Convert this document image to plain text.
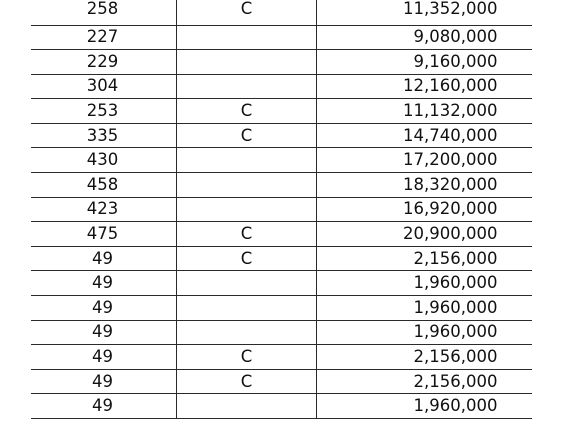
258	C	11,352,000
227		9,080,000
229		9,160,000
304		12,160,000
253	C	11,132,000
335	C	14,740,000
430		17,200,000
458		18,320,000
423		16,920,000
475	C	20,900,000
49	C	2,156,000
49		1,960,000
49		1,960,000
49		1,960,000
49	C	2,156,000
49	C	2,156,000
49		1,960,000
